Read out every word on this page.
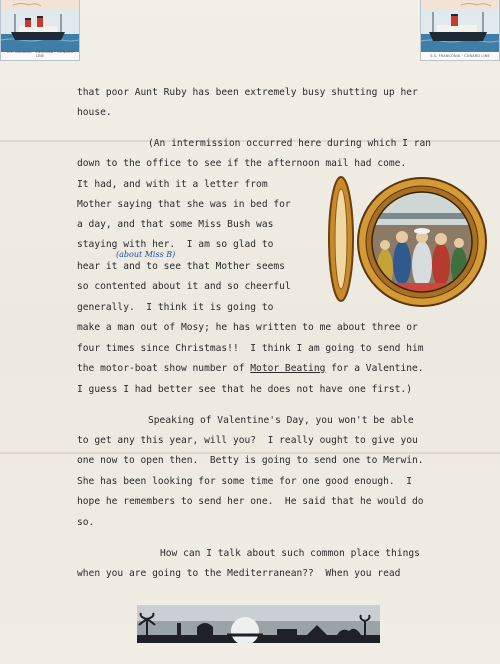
S.S. ASCANIA · ENGLAND · CUNARD LINE	S.S. FRANCONIA · CUNARD LINE
that poor Aunt Ruby has been extremely busy shutting up her
house.
(An intermission occurred here during which I ran
down to the office to see if the afternoon mail had come.
It had, and with it a letter from
Mother saying that she was in bed for
a day, and that some Miss Bush was
staying with her.  I am so glad to
(about Miss B)
hear it and to see that Mother seems
so contented about it and so cheerful
generally.  I think it is going to
make a man out of Mosy; he has written to me about three or
four times since Christmas!!  I think I am going to send him
the motor-boat show number of Motor Beating for a Valentine.
I guess I had better see that he does not have one first.)
Speaking of Valentine's Day, you won't be able
to get any this year, will you?  I really ought to give you
one now to open then.  Betty is going to send one to Merwin.
She has been looking for some time for one good enough.  I
hope he remembers to send her one.  He said that he would do
so.
How can I talk about such common place things
when you are going to the Mediterranean??  When you read
